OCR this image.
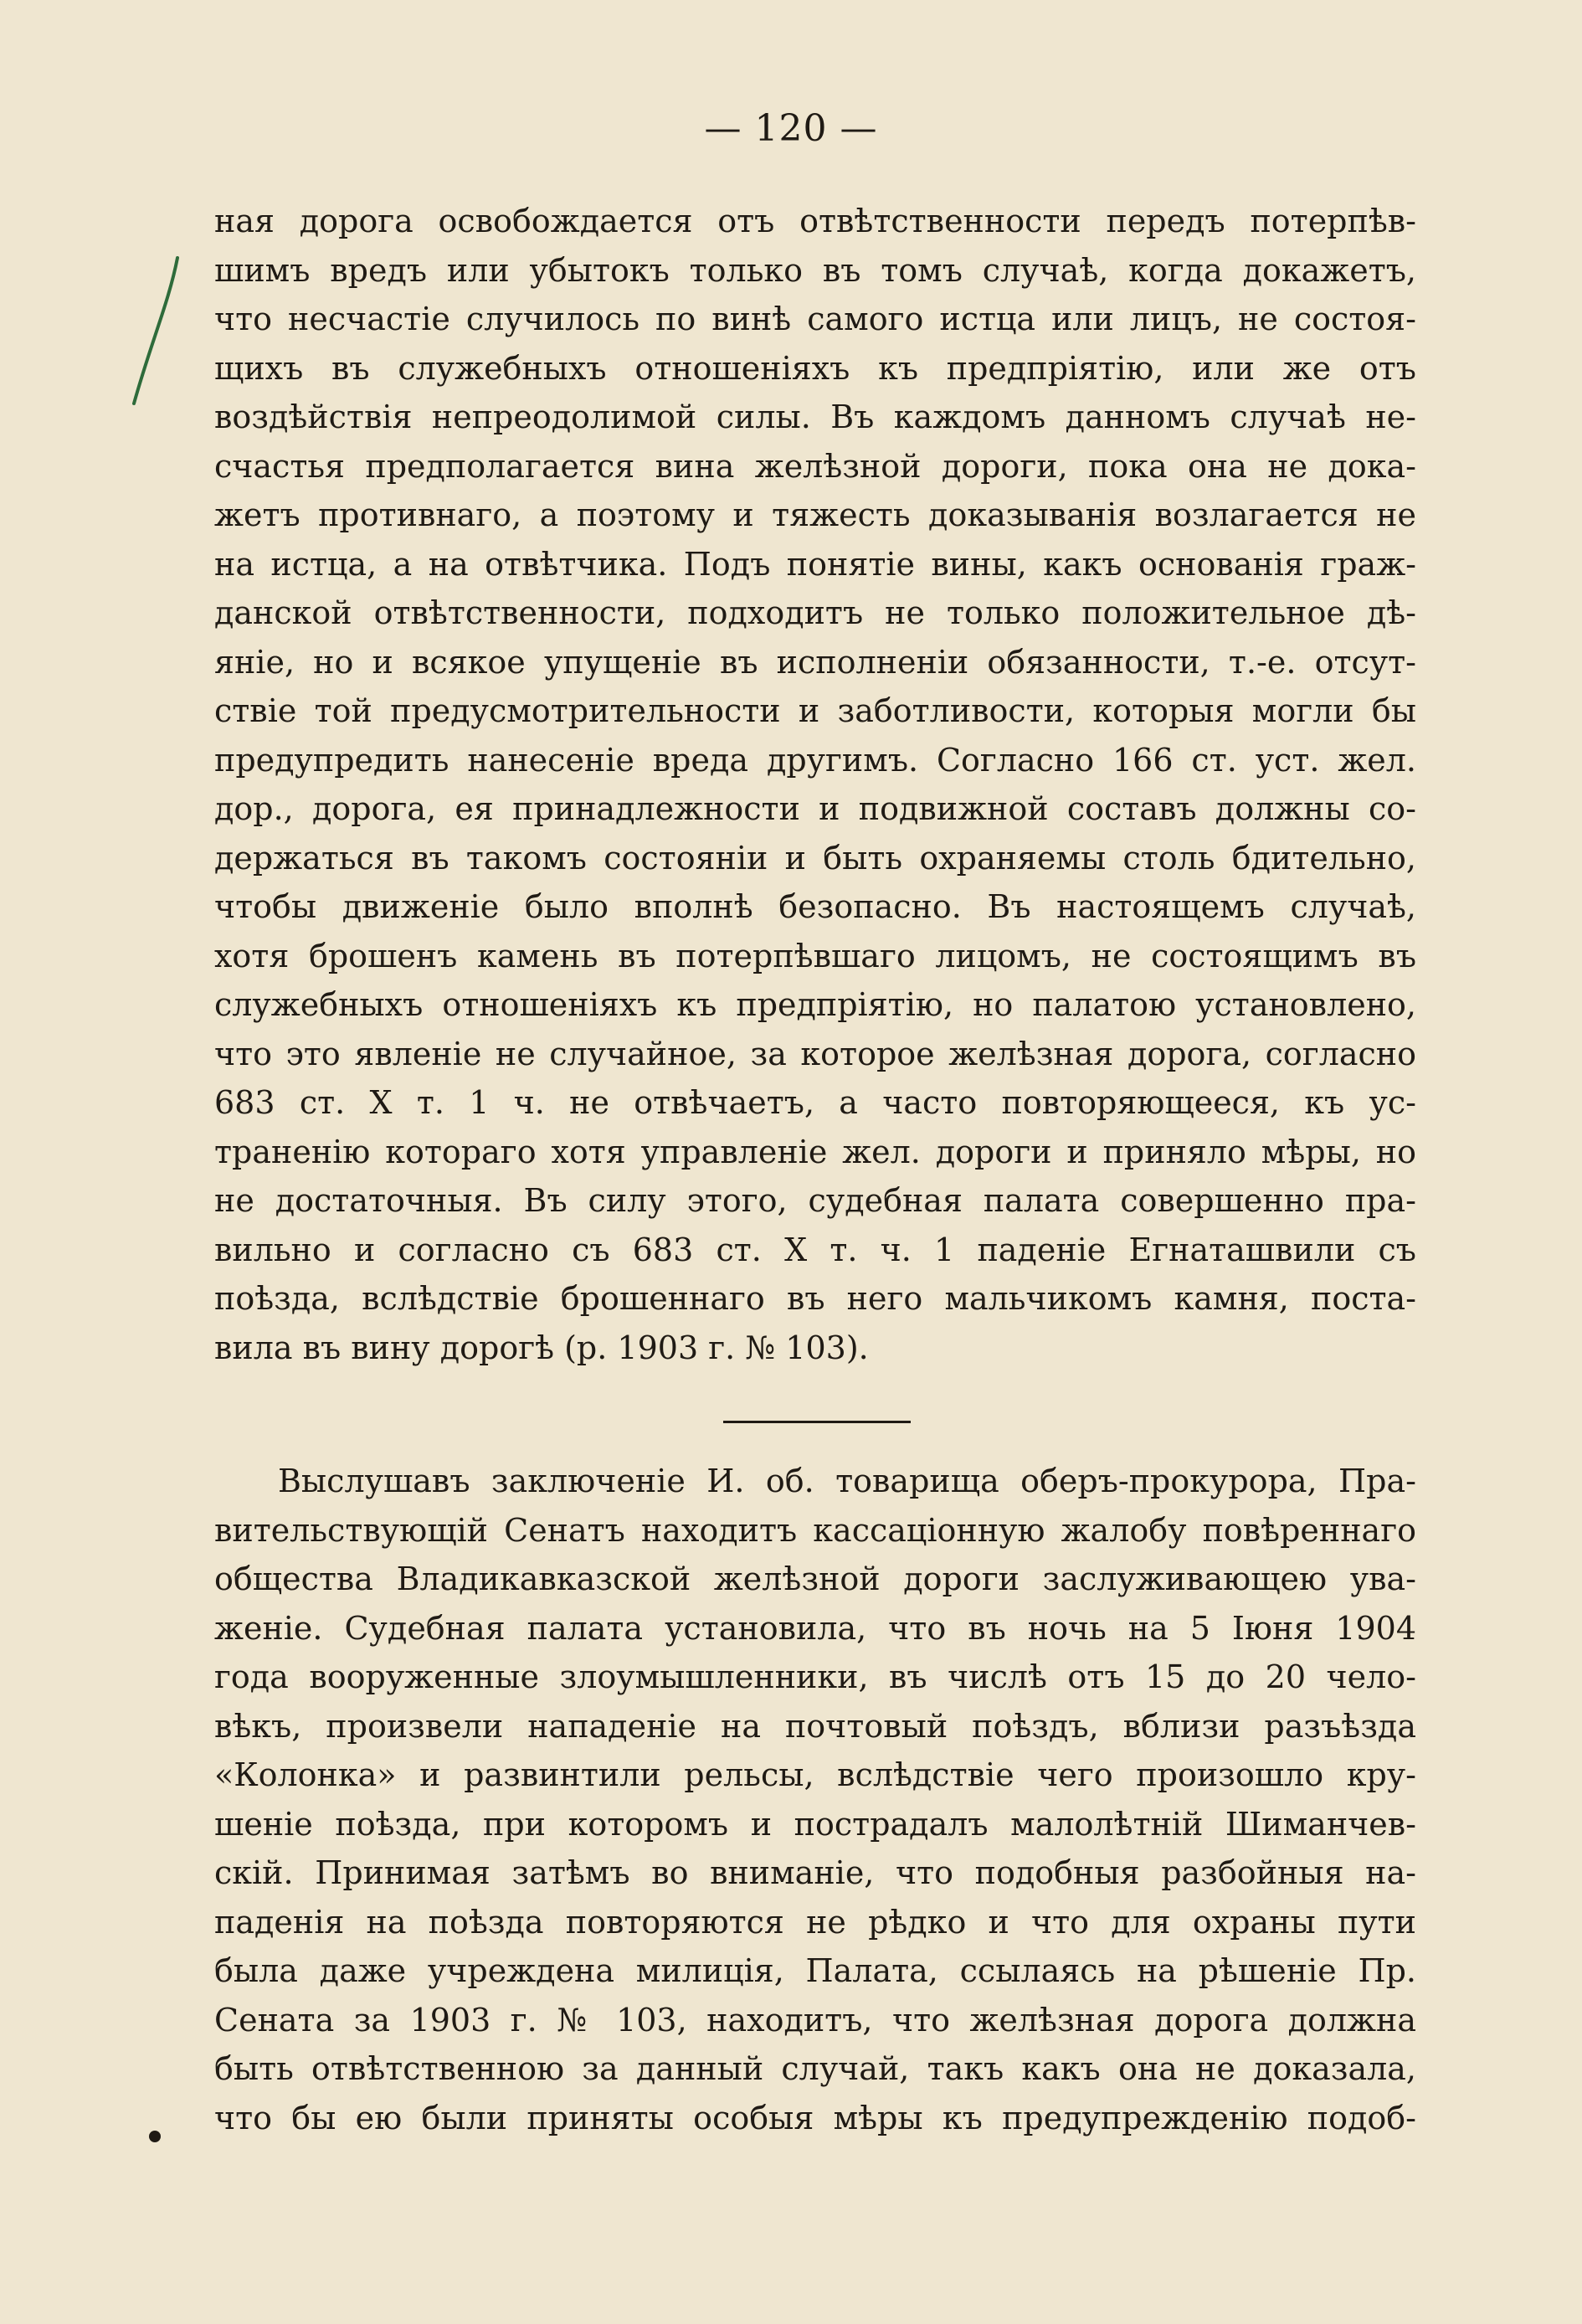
— 120 —
ная дорога освобождается отъ отвѣтственности передъ потерпѣв-
шимъ вредъ или убытокъ только въ томъ случаѣ, когда докажетъ,
что несчастіе случилось по винѣ самого истца или лицъ, не состоя-
щихъ въ служебныхъ отношеніяхъ къ предпріятію, или же отъ
воздѣйствія непреодолимой силы. Въ каждомъ данномъ случаѣ не-
счастья предполагается вина желѣзной дороги, пока она не дока-
жетъ противнаго, а поэтому и тяжесть доказыванія возлагается не
на истца, а на отвѣтчика. Подъ понятіе вины, какъ основанія граж-
данской отвѣтственности, подходитъ не только положительное дѣ-
яніе, но и всякое упущеніе въ исполненіи обязанности, т.-е. отсут-
ствіе той предусмотрительности и заботливости, которыя могли бы
предупредить нанесеніе вреда другимъ. Согласно 166 ст. уст. жел.
дор., дорога, ея принадлежности и подвижной составъ должны со-
держаться въ такомъ состояніи и быть охраняемы столь бдительно,
чтобы движеніе было вполнѣ безопасно. Въ настоящемъ случаѣ,
хотя брошенъ камень въ потерпѣвшаго лицомъ, не состоящимъ въ
служебныхъ отношеніяхъ къ предпріятію, но палатою установлено,
что это явленіе не случайное, за которое желѣзная дорога, согласно
683 ст. X т. 1 ч. не отвѣчаетъ, а часто повторяющееся, къ ус-
траненію котораго хотя управленіе жел. дороги и приняло мѣры, но
не достаточныя. Въ силу этого, судебная палата совершенно пра-
вильно и согласно съ 683 ст. X т. ч. 1 паденіе Егнаташвили съ
поѣзда, вслѣдствіе брошеннаго въ него мальчикомъ камня, поста-
вила въ вину дорогѣ (р. 1903 г. № 103).
Выслушавъ заключеніе И. об. товарища оберъ-прокурора, Пра-
вительствующій Сенатъ находитъ кассаціонную жалобу повѣреннаго
общества Владикавказской желѣзной дороги заслуживающею ува-
женіе. Судебная палата установила, что въ ночь на 5 Іюня 1904
года вооруженные злоумышленники, въ числѣ отъ 15 до 20 чело-
вѣкъ, произвели нападеніе на почтовый поѣздъ, вблизи разъѣзда
«Колонка» и развинтили рельсы, вслѣдствіе чего произошло кру-
шеніе поѣзда, при которомъ и пострадалъ малолѣтній Шиманчев-
скій. Принимая затѣмъ во вниманіе, что подобныя разбойныя на-
паденія на поѣзда повторяются не рѣдко и что для охраны пути
была даже учреждена милиція, Палата, ссылаясь на рѣшеніе Пр.
Сената за 1903 г. № 103, находитъ, что желѣзная дорога должна
быть отвѣтственною за данный случай, такъ какъ она не доказала,
что бы ею были приняты особыя мѣры къ предупрежденію подоб-
